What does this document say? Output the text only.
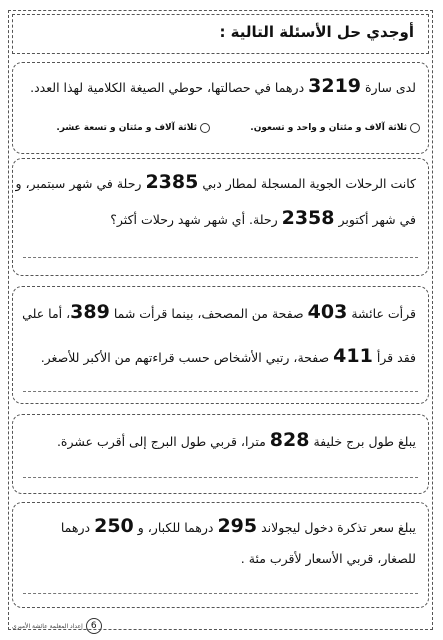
أوجدي حل الأسئلة التالية :
لدى سارة 3219 درهما في حصالتها، حوطي الصيغة الكلامية لهذا العدد.
ثلاثة آلاف و مئتان و واحد و تسعون.
ثلاثة آلاف و مئتان و تسعة عشر.
كانت الرحلات الجوية المسجلة لمطار دبي 2385 رحلة في شهر سبتمبر، و
في شهر أكتوبر 2358 رحلة. أي شهر شهد رحلات أكثر؟
قرأت عائشة 403 صفحة من المصحف، بينما قرأت شما 389، أما علي
فقد قرأ 411 صفحة، رتبي الأشخاص حسب قراءتهم من الأكبر للأصغر.
يبلغ طول برج خليفة 828 مترا، قربي طول البرج إلى أقرب عشرة.
يبلغ سعر تذكرة دخول ليجولاند 295 درهما للكبار، و 250 درهما
للصغار، قربي الأسعار لأقرب مئة .
6
إعداد المعلمة عائشة الأميري
